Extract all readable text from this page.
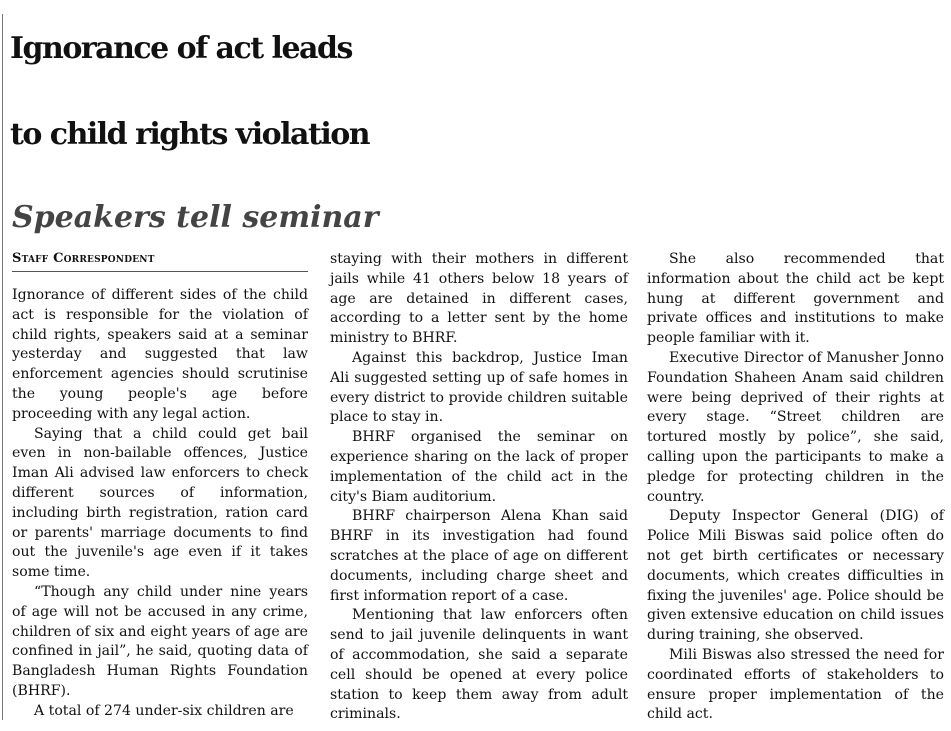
Ignorance of act leads
to child rights violation
Speakers tell seminar
Staff Correspondent

Ignorance of different sides of the child act is responsible for the violation of child rights, speakers said at a seminar yesterday and suggested that law enforcement agencies should scrutinise the young people's age before proceeding with any legal action.

Saying that a child could get bail even in non-bailable offences, Justice Iman Ali advised law enforcers to check different sources of information, including birth registration, ration card or parents' marriage documents to find out the juvenile's age even if it takes some time.

“Though any child under nine years of age will not be accused in any crime, children of six and eight years of age are confined in jail”, he said, quoting data of Bangladesh Human Rights Foundation (BHRF).

A total of 274 under-six children are

staying with their mothers in different jails while 41 others below 18 years of age are detained in different cases, according to a letter sent by the home ministry to BHRF.

Against this backdrop, Justice Iman Ali suggested setting up of safe homes in every district to provide children suitable place to stay in.

BHRF organised the seminar on experience sharing on the lack of proper implementation of the child act in the city's Biam auditorium.

BHRF chairperson Alena Khan said BHRF in its investigation had found scratches at the place of age on different documents, including charge sheet and first information report of a case.

Mentioning that law enforcers often send to jail juvenile delinquents in want of accommodation, she said a separate cell should be opened at every police station to keep them away from adult criminals.

She also recommended that information about the child act be kept hung at different government and private offices and institutions to make people familiar with it.

Executive Director of Manusher Jonno Foundation Shaheen Anam said children were being deprived of their rights at every stage. “Street children are tortured mostly by police”, she said, calling upon the participants to make a pledge for protecting children in the country.

Deputy Inspector General (DIG) of Police Mili Biswas said police often do not get birth certificates or necessary documents, which creates difficulties in fixing the juveniles' age. Police should be given extensive education on child issues during training, she observed.

Mili Biswas also stressed the need for coordinated efforts of stakeholders to ensure proper implementation of the child act.
